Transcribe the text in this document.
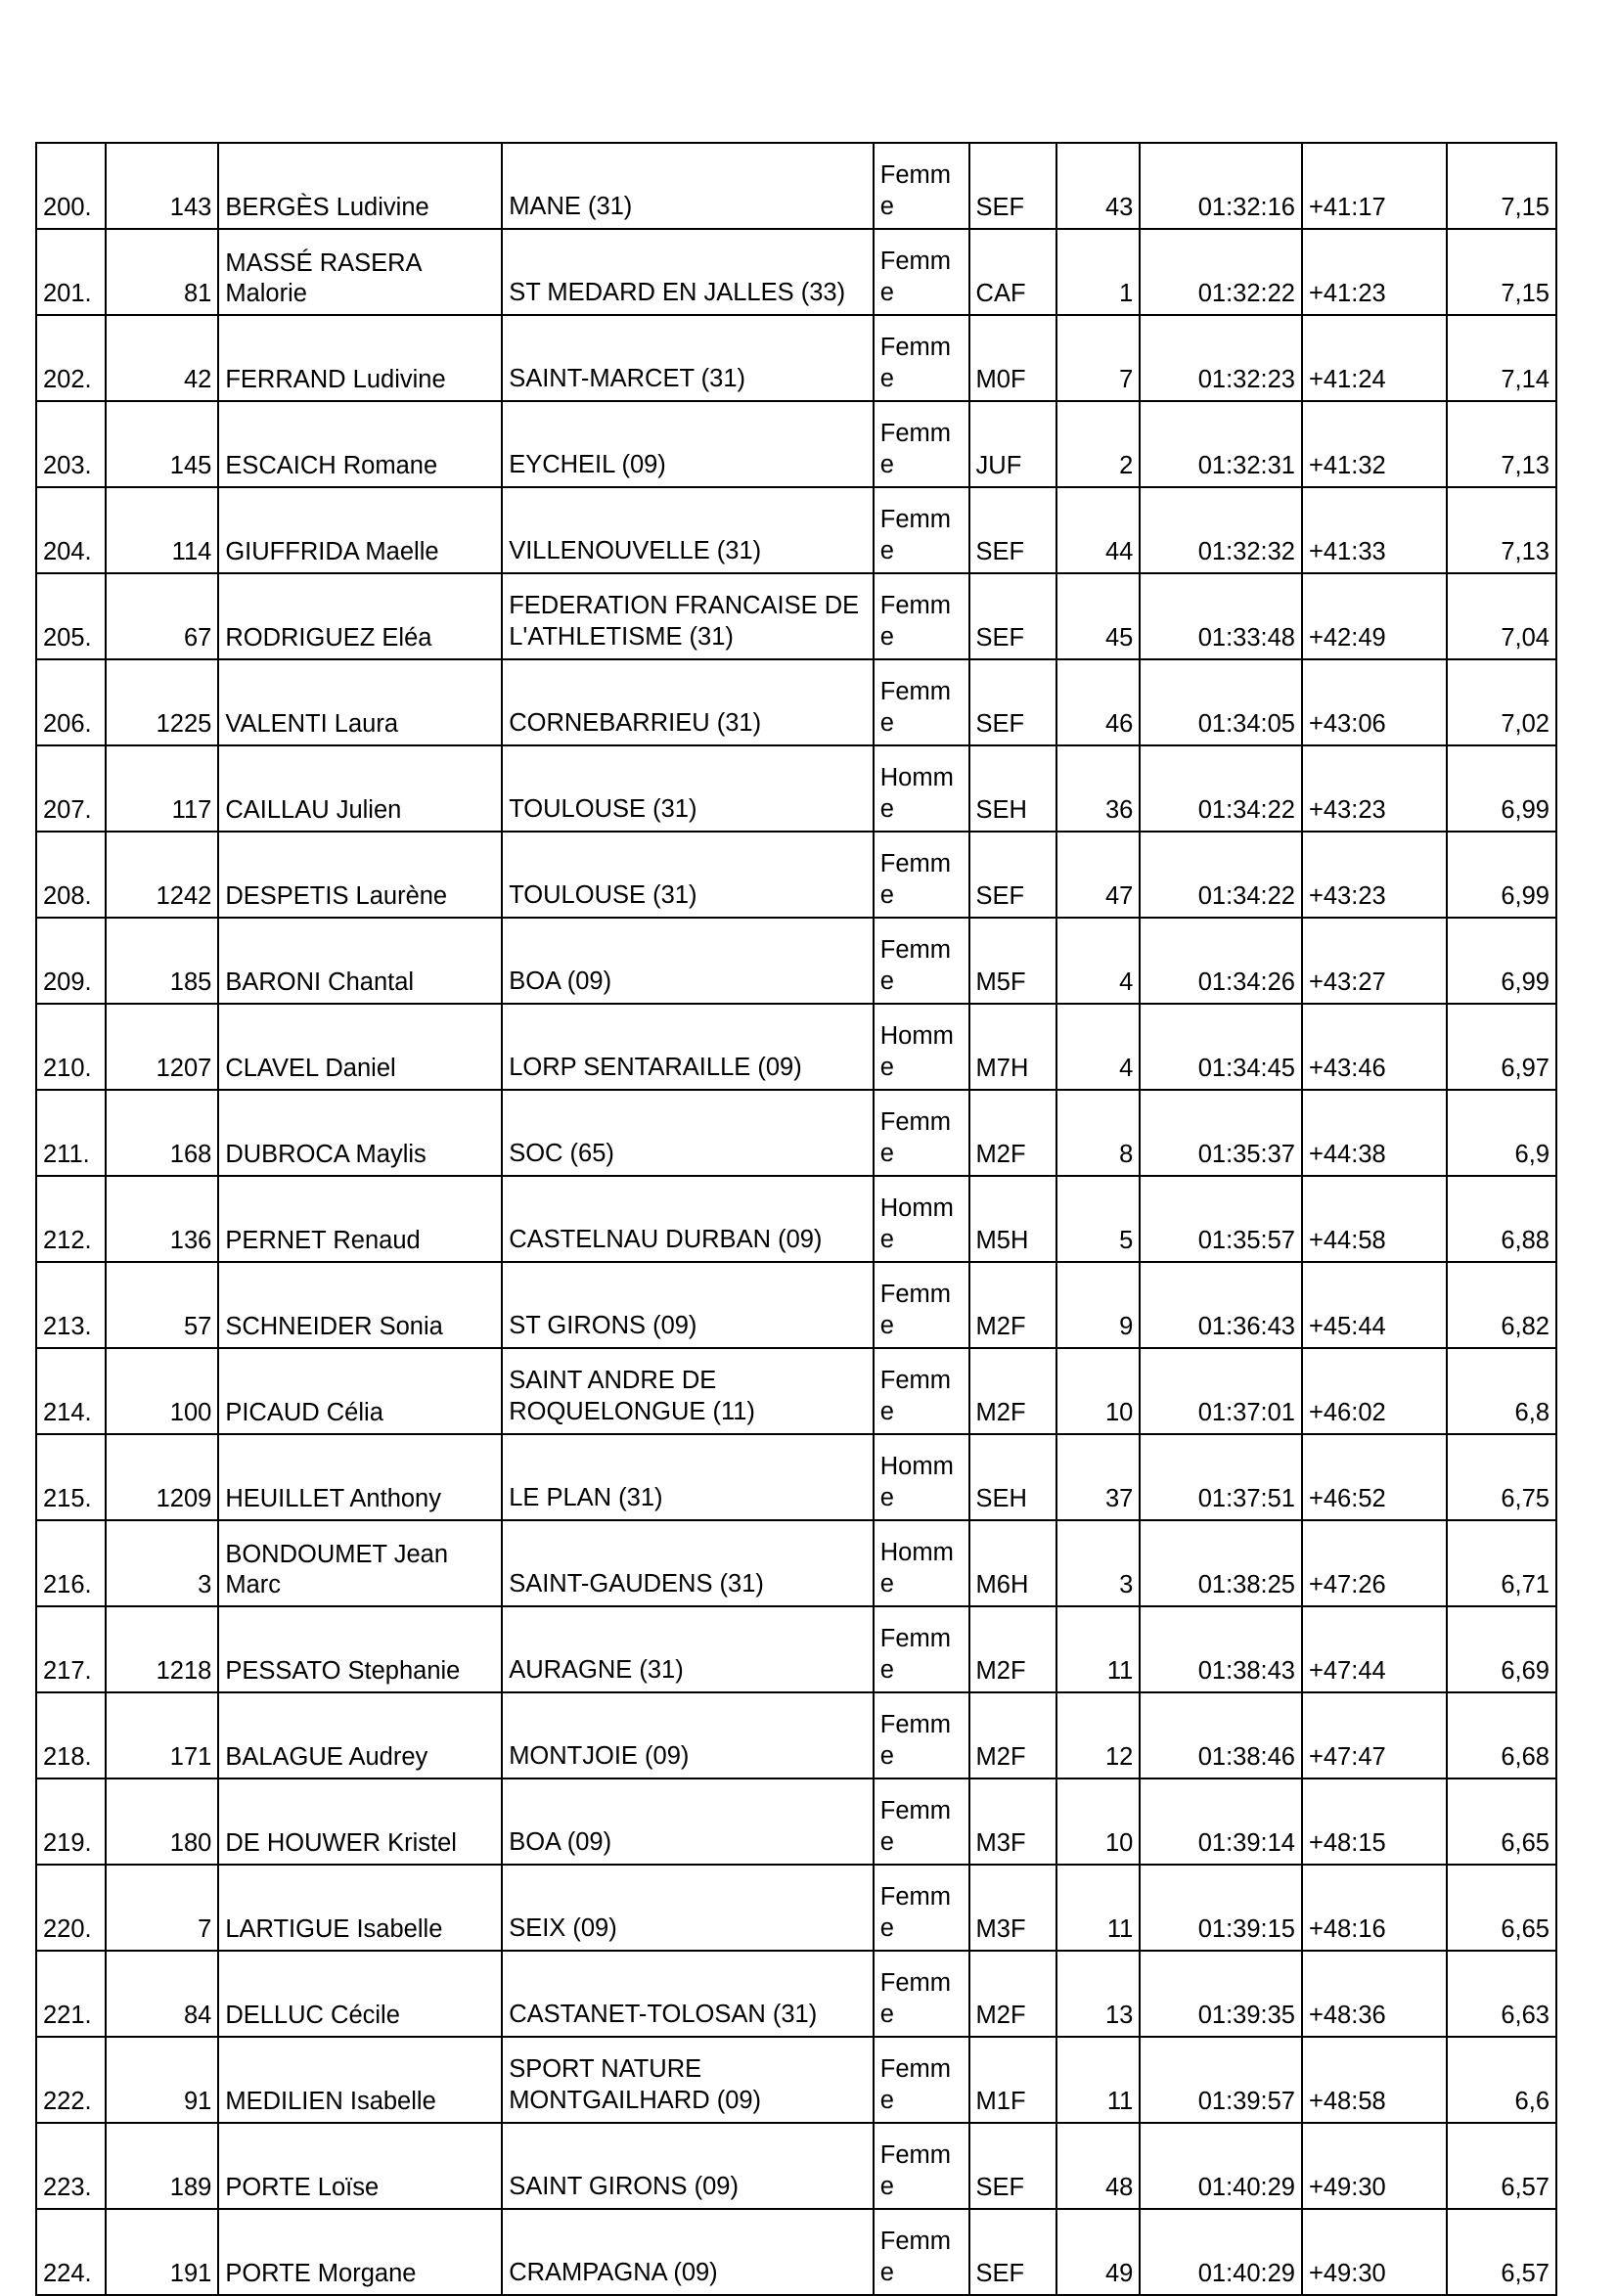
200.	143	BERGÈS Ludivine	MANE (31)	Femme	SEF	43	01:32:16	+41:17	7,15
201.	81	MASSÉ RASERA Malorie	ST MEDARD EN JALLES (33)	Femme	CAF	1	01:32:22	+41:23	7,15
202.	42	FERRAND Ludivine	SAINT-MARCET (31)	Femme	M0F	7	01:32:23	+41:24	7,14
203.	145	ESCAICH Romane	EYCHEIL (09)	Femme	JUF	2	01:32:31	+41:32	7,13
204.	114	GIUFFRIDA Maelle	VILLENOUVELLE (31)	Femme	SEF	44	01:32:32	+41:33	7,13
205.	67	RODRIGUEZ Eléa	FEDERATION FRANCAISE DE L'ATHLETISME (31)	Femme	SEF	45	01:33:48	+42:49	7,04
206.	1225	VALENTI Laura	CORNEBARRIEU (31)	Femme	SEF	46	01:34:05	+43:06	7,02
207.	117	CAILLAU Julien	TOULOUSE (31)	Homme	SEH	36	01:34:22	+43:23	6,99
208.	1242	DESPETIS Laurène	TOULOUSE (31)	Femme	SEF	47	01:34:22	+43:23	6,99
209.	185	BARONI Chantal	BOA (09)	Femme	M5F	4	01:34:26	+43:27	6,99
210.	1207	CLAVEL Daniel	LORP SENTARAILLE (09)	Homme	M7H	4	01:34:45	+43:46	6,97
211.	168	DUBROCA Maylis	SOC (65)	Femme	M2F	8	01:35:37	+44:38	6,9
212.	136	PERNET Renaud	CASTELNAU DURBAN (09)	Homme	M5H	5	01:35:57	+44:58	6,88
213.	57	SCHNEIDER Sonia	ST GIRONS (09)	Femme	M2F	9	01:36:43	+45:44	6,82
214.	100	PICAUD Célia	SAINT ANDRE DE ROQUELONGUE (11)	Femme	M2F	10	01:37:01	+46:02	6,8
215.	1209	HEUILLET Anthony	LE PLAN (31)	Homme	SEH	37	01:37:51	+46:52	6,75
216.	3	BONDOUMET Jean Marc	SAINT-GAUDENS (31)	Homme	M6H	3	01:38:25	+47:26	6,71
217.	1218	PESSATO Stephanie	AURAGNE (31)	Femme	M2F	11	01:38:43	+47:44	6,69
218.	171	BALAGUE Audrey	MONTJOIE (09)	Femme	M2F	12	01:38:46	+47:47	6,68
219.	180	DE HOUWER Kristel	BOA (09)	Femme	M3F	10	01:39:14	+48:15	6,65
220.	7	LARTIGUE Isabelle	SEIX (09)	Femme	M3F	11	01:39:15	+48:16	6,65
221.	84	DELLUC Cécile	CASTANET-TOLOSAN (31)	Femme	M2F	13	01:39:35	+48:36	6,63
222.	91	MEDILIEN Isabelle	SPORT NATURE MONTGAILHARD (09)	Femme	M1F	11	01:39:57	+48:58	6,6
223.	189	PORTE Loïse	SAINT GIRONS (09)	Femme	SEF	48	01:40:29	+49:30	6,57
224.	191	PORTE Morgane	CRAMPAGNA (09)	Femme	SEF	49	01:40:29	+49:30	6,57
